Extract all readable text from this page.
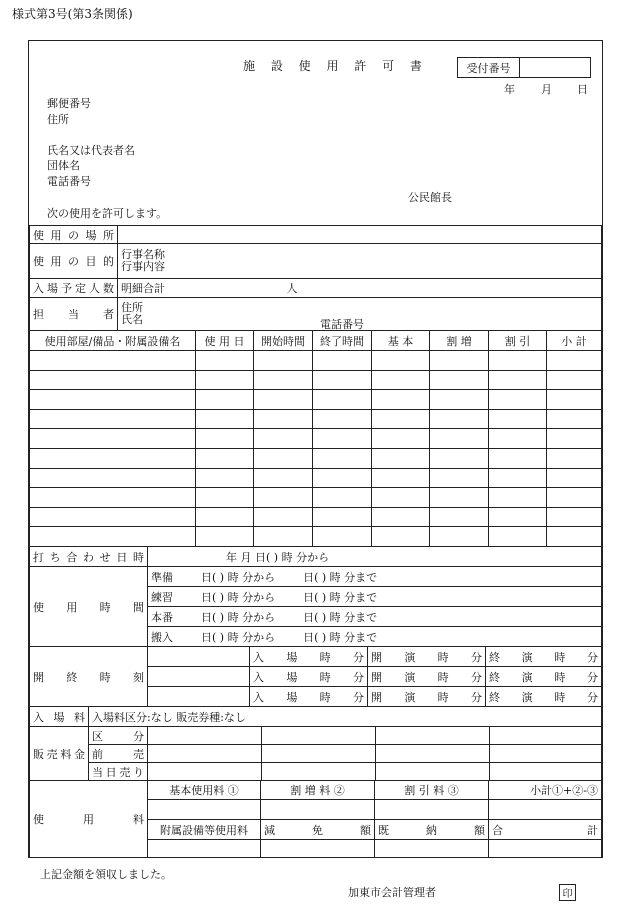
様式第3号(第3条関係)
施 設 使 用 許 可 書	受付番号
年 月 日
郵便番号
住所
氏名又は代表者名
団体名
電話番号
公民館長
次の使用を許可します。
使用の場所	
使用の目的	行事名称
行事内容

入場予定人数	明細合計 人
担 当 者	住所
氏名 電話番号
使用部屋/備品・附属設備名	使 用 日	開始時間	終了時間	基 本	割 増	割 引	小 計

打ち合わせ日時	年 月 日( ) 時 分から			
使 用 時 間	準備 日( ) 時 分から 日( ) 時 分まで			
	練習 日( ) 時 分から 日( ) 時 分まで			
	本番 日( ) 時 分から 日( ) 時 分まで			
	搬入 日( ) 時 分から 日( ) 時 分まで			
開 終 時 刻		入場時分	開演時分	終演時分
		入場時分	開演時分	終演時分
		入場時分	開演時分	終演時分
入 場 料	入場料区分:なし 販売券種:なし				
販売料金	区 分				
	前 売				
	当日売り				
使 用 料	基本使用料 ①	割 増 料 ②	割 引 料 ③	小計①+②-③

	附属設備等使用料	減 免 額	既 納 額	合 計

上記金額を領収しました。
加東市会計管理者	印
